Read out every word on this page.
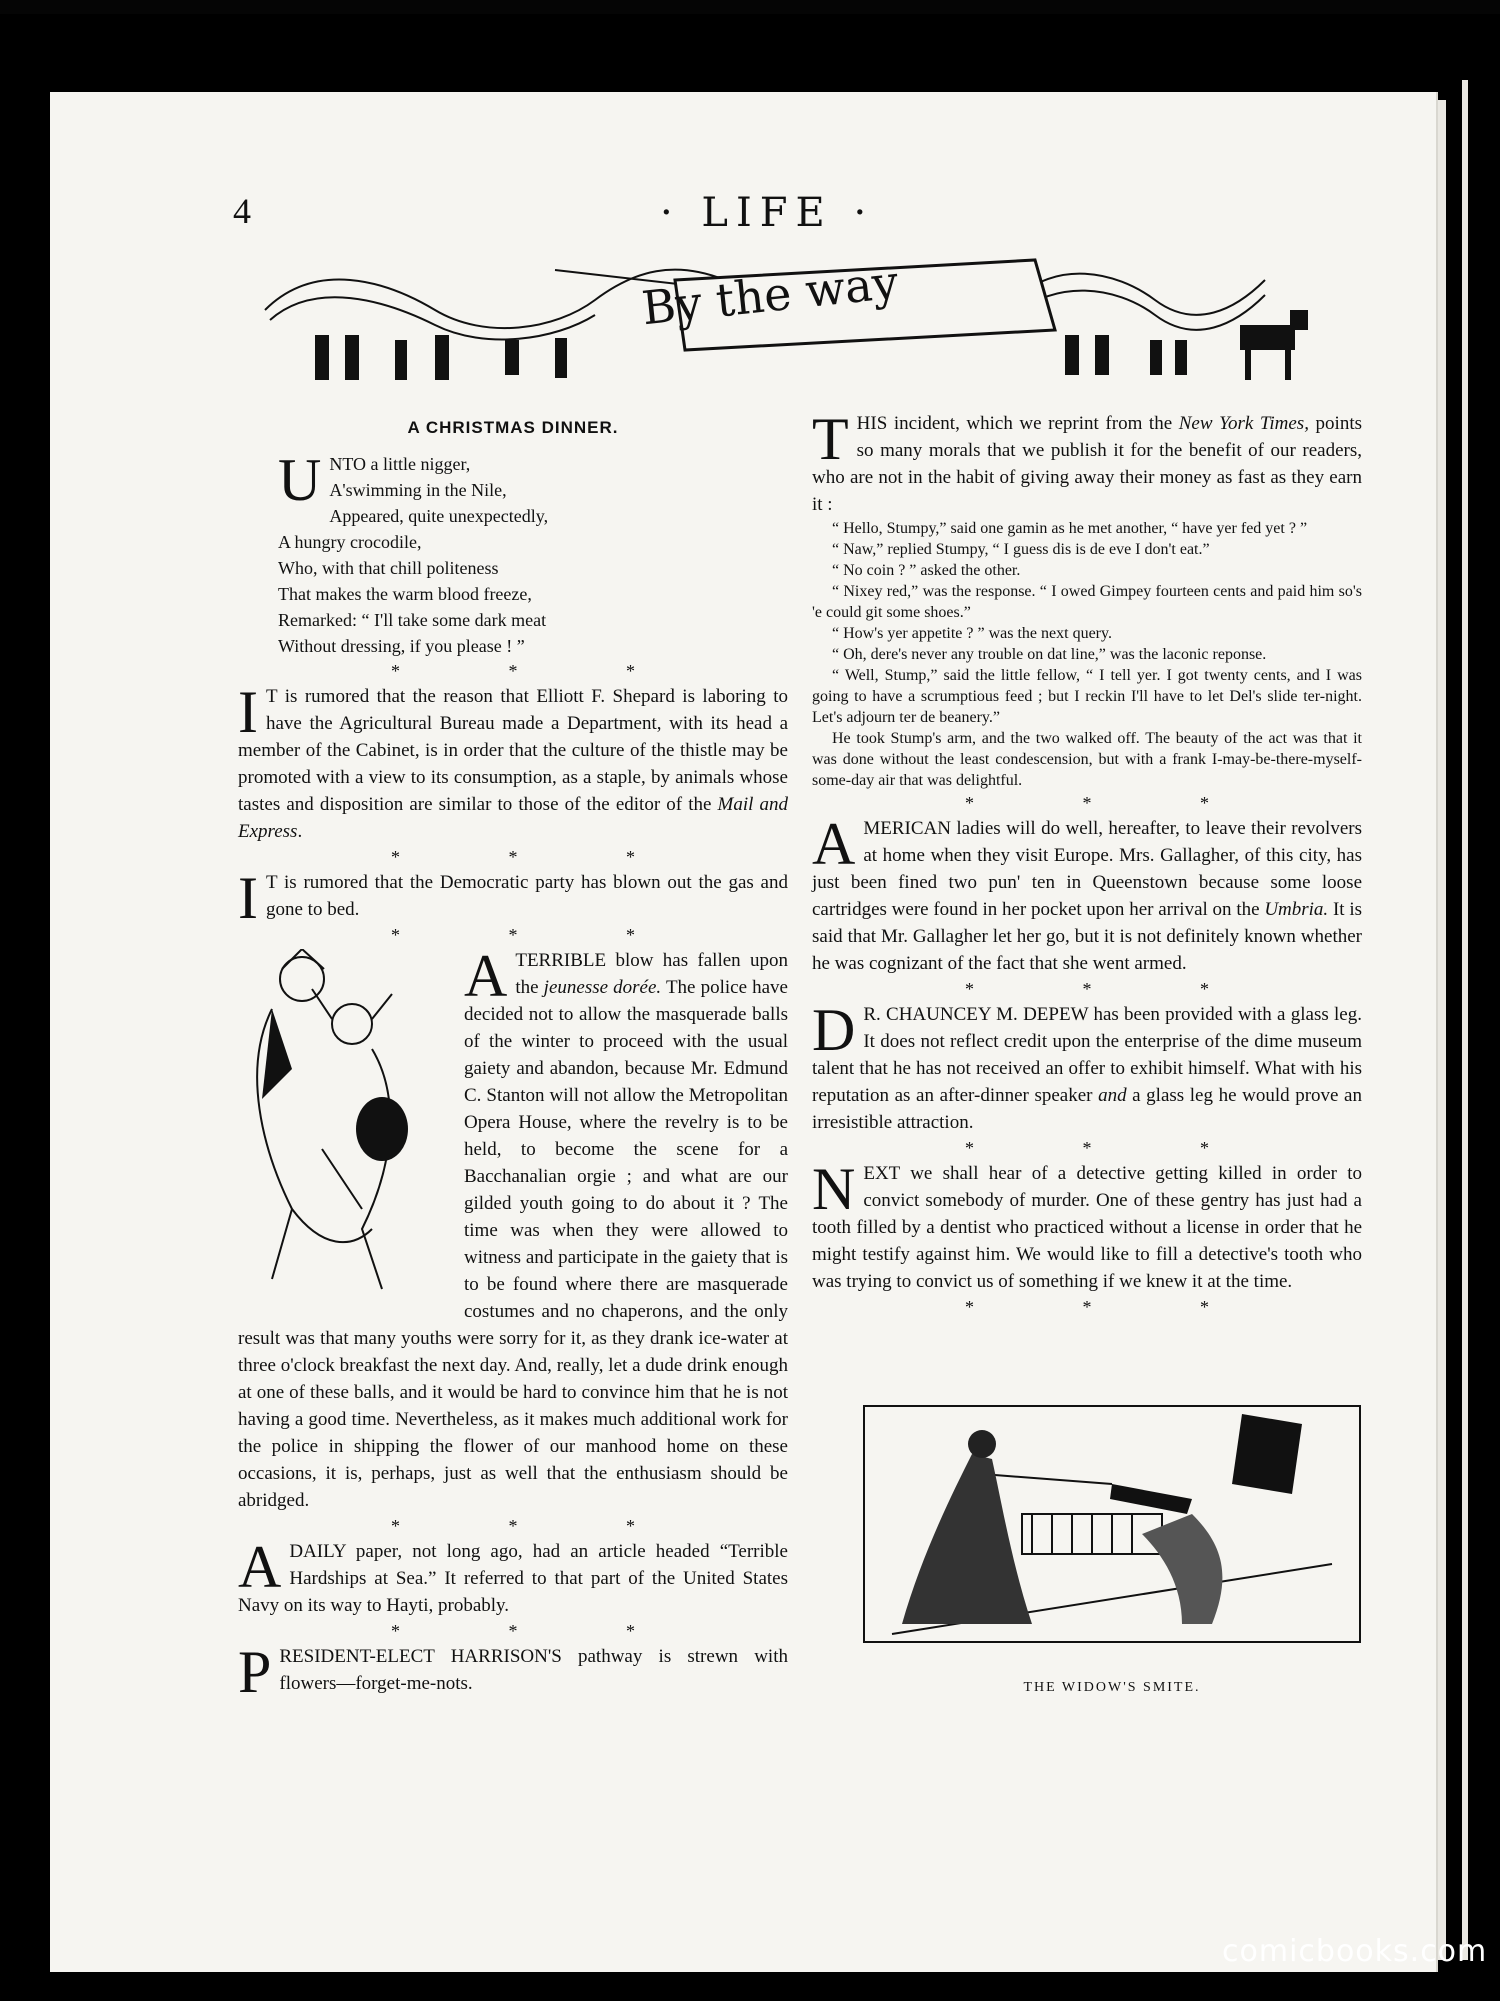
4	· LIFE ·
By the way
A CHRISTMAS DINNER.
U NTO a little nigger,
A'swimming in the Nile,
Appeared, quite unexpectedly,
A hungry crocodile,
Who, with that chill politeness
That makes the warm blood freeze,
Remarked: “ I'll take some dark meat
Without dressing, if you please ! ”
* * *

I T is rumored that the reason that Elliott F. Shepard is laboring to have the Agricultural Bureau made a Department, with its head a member of the Cabinet, is in order that the culture of the thistle may be promoted with a view to its consumption, as a staple, by animals whose tastes and disposition are similar to those of the editor of the Mail and Express.

* * *

I T is rumored that the Democratic party has blown out the gas and gone to bed.

* * *

ATERRIBLE blow has fallen upon the jeunesse dorée. The police have decided not to allow the masquerade balls of the winter to proceed with the usual gaiety and abandon, because Mr. Edmund C. Stanton will not allow the Metropolitan Opera House, where the revelry is to be held, to become the scene for a Bacchanalian orgie ; and what are our gilded youth going to do about it ? The time was when they were allowed to witness and participate in the gaiety that is to be found where there are masquerade costumes and no chaperons, and the only result was that many youths were sorry for it, as they drank ice-water at three o'clock breakfast the next day. And, really, let a dude drink enough at one of these balls, and it would be hard to convince him that he is not having a good time. Nevertheless, as it makes much additional work for the police in shipping the flower of our manhood home on these occasions, it is, perhaps, just as well that the enthusiasm should be abridged.

* * *

ADAILY paper, not long ago, had an article headed “Terrible Hardships at Sea.” It referred to that part of the United States Navy on its way to Hayti, probably.

* * *

PRESIDENT-ELECT HARRISON'S pathway is strewn with flowers—forget-me-nots.

THIS incident, which we reprint from the New York Times, points so many morals that we publish it for the benefit of our readers, who are not in the habit of giving away their money as fast as they earn it :

“ Hello, Stumpy,” said one gamin as he met another, “ have yer fed yet ? ”

“ Naw,” replied Stumpy, “ I guess dis is de eve I don't eat.”

“ No coin ? ” asked the other.

“ Nixey red,” was the response. “ I owed Gimpey fourteen cents and paid him so's 'e could git some shoes.”

“ How's yer appetite ? ” was the next query.

“ Oh, dere's never any trouble on dat line,” was the laconic reponse.

“ Well, Stump,” said the little fellow, “ I tell yer. I got twenty cents, and I was going to have a scrumptious feed ; but I reckin I'll have to let Del's slide ter-night. Let's adjourn ter de beanery.”

He took Stump's arm, and the two walked off. The beauty of the act was that it was done without the least condescension, but with a frank I-may-be-there-myself-some-day air that was delightful.

* * *

AMERICAN ladies will do well, hereafter, to leave their revolvers at home when they visit Europe. Mrs. Gallagher, of this city, has just been fined two pun' ten in Queenstown because some loose cartridges were found in her pocket upon her arrival on the Umbria. It is said that Mr. Gallagher let her go, but it is not definitely known whether he was cognizant of the fact that she went armed.

* * *

D R. CHAUNCEY M. DEPEW has been provided with a glass leg. It does not reflect credit upon the enterprise of the dime museum talent that he has not received an offer to exhibit himself. What with his reputation as an after-dinner speaker and a glass leg he would prove an irresistible attraction.

* * *

NEXT we shall hear of a detective getting killed in order to convict somebody of murder. One of these gentry has just had a tooth filled by a dentist who practiced without a license in order that he might testify against him. We would like to fill a detective's tooth who was trying to convict us of something if we knew it at the time.

* * *
THE WIDOW'S SMITE.
comicbooks.com
